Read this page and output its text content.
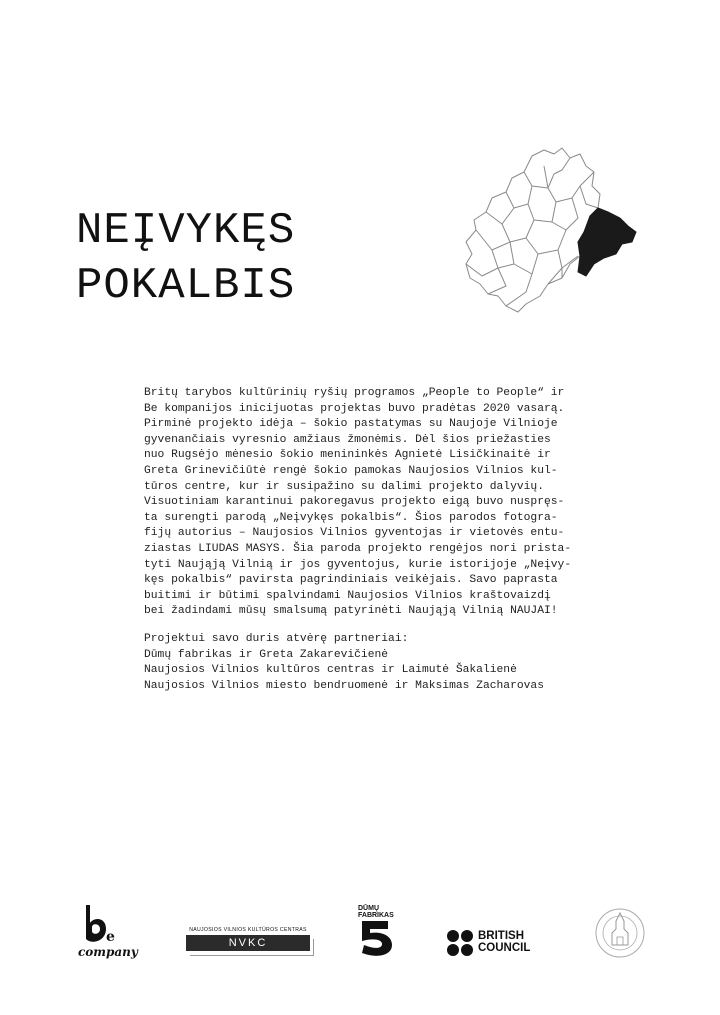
NEĮVYKĘS
POKALBIS

Britų tarybos kultūrinių ryšių programos „People to People“ ir
Be kompanijos inicijuotas projektas buvo pradėtas 2020 vasarą.
Pirminė projekto idėja – šokio pastatymas su Naujoje Vilnioje
gyvenančiais vyresnio amžiaus žmonėmis. Dėl šios priežasties
nuo Rugsėjo mėnesio šokio menininkės Agnietė Lisičkinaitė ir
Greta Grinevičiūtė rengė šokio pamokas Naujosios Vilnios kul-
tūros centre, kur ir susipažino su dalimi projekto dalyvių.
Visuotiniam karantinui pakoregavus projekto eigą buvo nuspręs-
ta surengti parodą „Neįvykęs pokalbis“. Šios parodos fotogra-
fijų autorius – Naujosios Vilnios gyventojas ir vietovės entu-
ziastas LIUDAS MASYS. Šia paroda projekto rengėjos nori pristа-
tyti Naująją Vilnią ir jos gyventojus, kurie istorijoje „Neįvy-
kęs pokalbis“ pavirsta pagrindiniais veikėjais. Savo paprasta
buitimi ir būtimi spalvindami Naujosios Vilnios kraštovaizdį
bei žadindami mūsų smalsumą patyrinėti Naująją Vilnią NAUJAI!

Projektui savo duris atvėrę partneriai:
Dūmų fabrikas ir Greta Zakarevičienė
Naujosios Vilnios kultūros centras ir Laimutė Šakalienė
Naujosios Vilnios miesto bendruomenė ir Maksimas Zacharovas
e
company
NAUJOSIOS VILNIOS KULTŪROS CENTRAS
NVKC
DŪMŲ
FABRIKAS
BRITISH
COUNCIL
